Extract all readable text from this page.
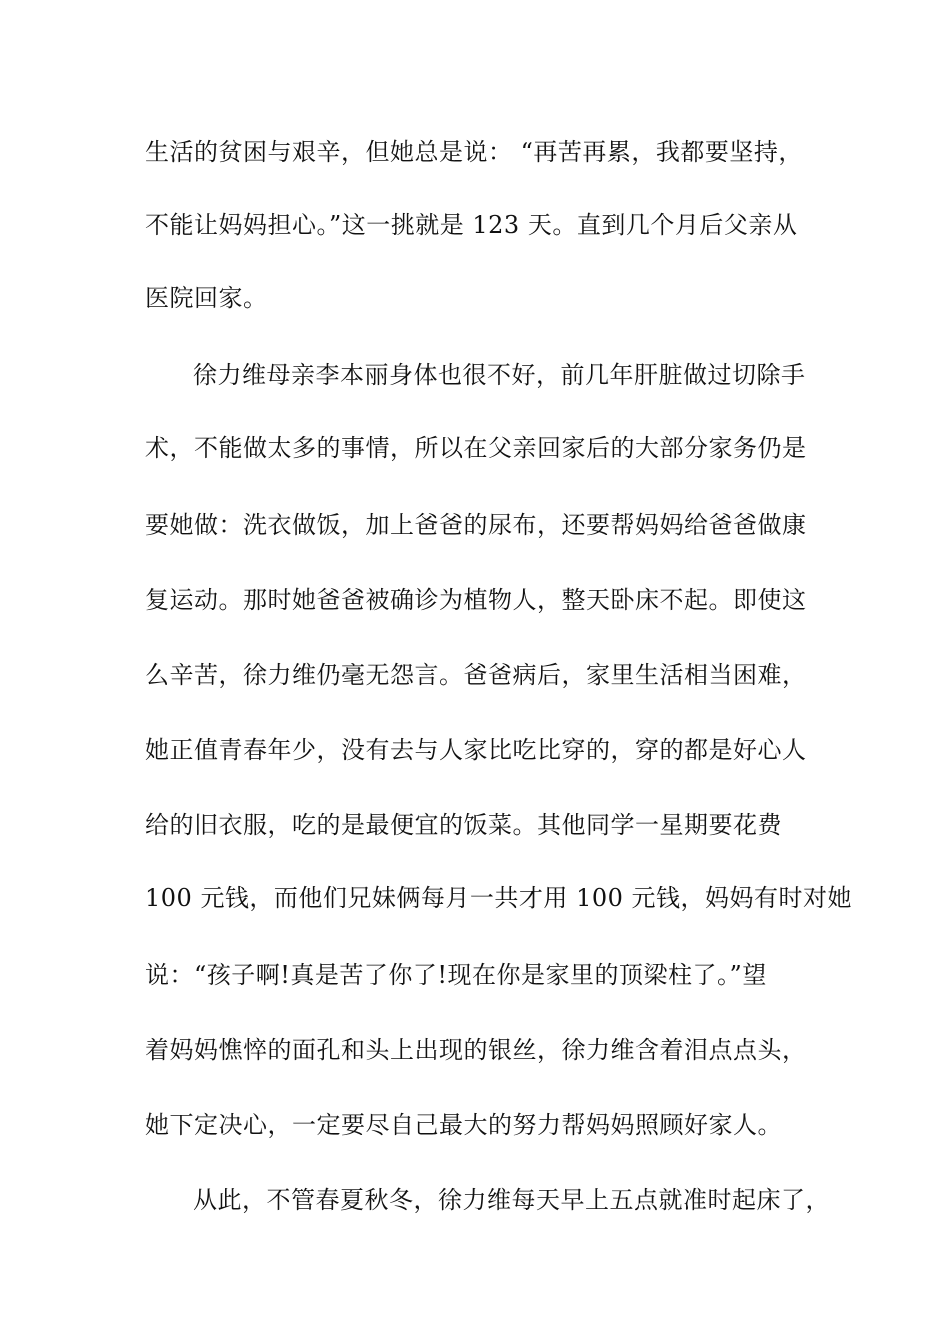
生活的贫困与艰辛，但她总是说： “再苦再累，我都要坚持，
不能让妈妈担心。”这一挑就是 123 天。直到几个月后父亲从
医院回家。
徐力维母亲李本丽身体也很不好，前几年肝脏做过切除手
术，不能做太多的事情，所以在父亲回家后的大部分家务仍是
要她做：洗衣做饭，加上爸爸的尿布，还要帮妈妈给爸爸做康
复运动。那时她爸爸被确诊为植物人，整天卧床不起。即使这
么辛苦，徐力维仍毫无怨言。爸爸病后，家里生活相当困难，
她正值青春年少，没有去与人家比吃比穿的，穿的都是好心人
给的旧衣服，吃的是最便宜的饭菜。其他同学一星期要花费
100 元钱，而他们兄妹俩每月一共才用 100 元钱，妈妈有时对她
说：“孩子啊!真是苦了你了!现在你是家里的顶梁柱了。”望
着妈妈憔悴的面孔和头上出现的银丝，徐力维含着泪点点头，
她下定决心，一定要尽自己最大的努力帮妈妈照顾好家人。
从此，不管春夏秋冬，徐力维每天早上五点就准时起床了，
